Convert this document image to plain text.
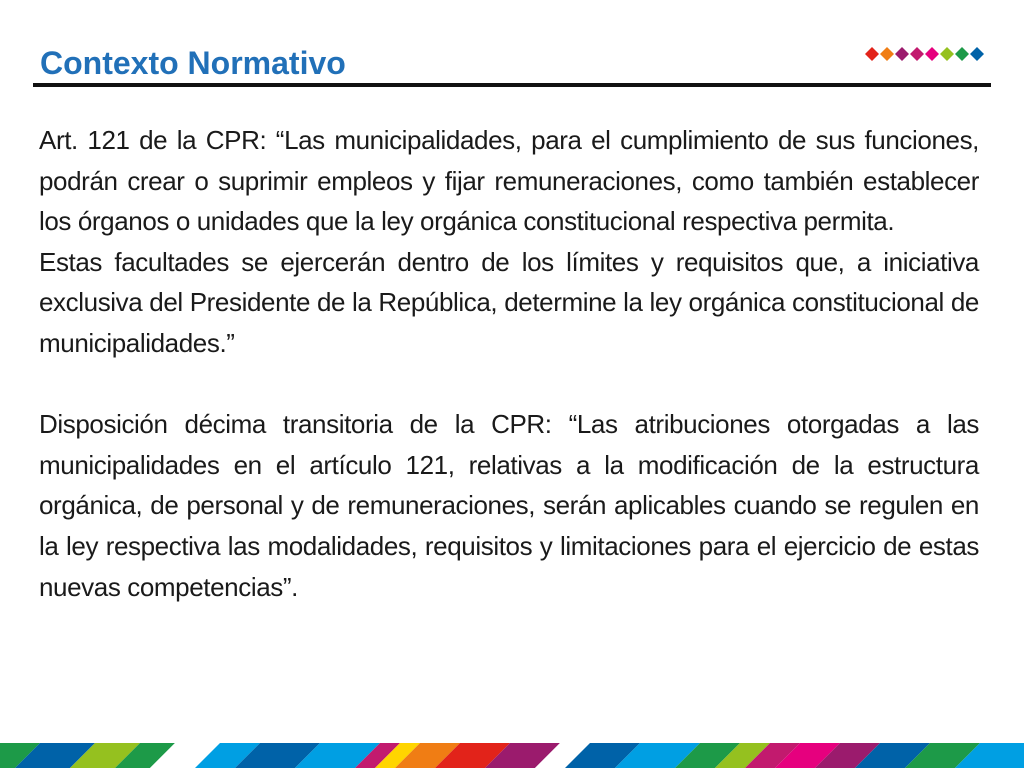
Contexto Normativo

Art. 121 de la CPR: “Las municipalidades, para el cumplimiento de sus funciones, podrán crear o suprimir empleos y fijar remuneraciones, como también establecer los órganos o unidades que la ley orgánica constitucional respectiva permita.

Estas facultades se ejercerán dentro de los límites y requisitos que, a iniciativa exclusiva del Presidente de la República, determine la ley orgánica constitucional de municipalidades.”

Disposición décima transitoria de la CPR: “Las atribuciones otorgadas a las municipalidades en el artículo 121, relativas a la modificación de la estructura orgánica, de personal y de remuneraciones, serán aplicables cuando se regulen en la ley respectiva las modalidades, requisitos y limitaciones para el ejercicio de estas nuevas competencias”.
